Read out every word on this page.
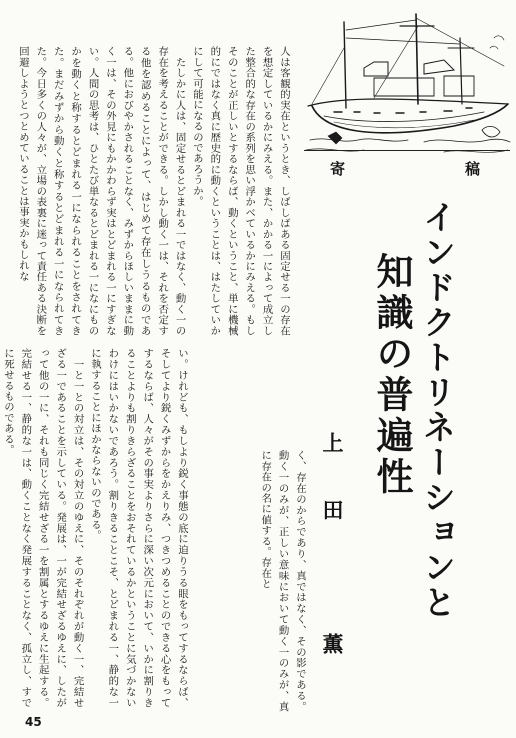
寄	稿
インドクトリネーションと
知識の普遍性
上田　薫
人は客観的実在というとき、しばしばある固定せる一の存在を想定しているかにみえる。また、かかる一によって成立した整合的な存在の系列を思い浮かべているかにみえる。もしそのことが正しいとするならば、動くということ、単に機械的にではなく真に歴史的に動くということは、はたしていかにして可能になるのであろうか。
　たしかに人は、固定せるとどまれる一ではなく、動く一の存在を考えることができる。しかし動く一は、それを否定する他を認めることによって、はじめて存在しうるものである。他におびやかされることなく、みずからほしいままに動く一は、その外見にもかかわらず実はとどまれる一にすぎない。人間の思考は、ひとたび単なるとどまれる一になにものかを動くと称するとどまれる一になられることをされてきた。まだみずから動くと称するとどまれる一になられてきた。今日多くの人々が、立場の表裏に迷って責任ある決断を回避しようとつとめていることは事実かもしれな
く、存在のからであり、真ではなく、その影である。動く一のみが、正しい意味において動く一のみが、真に存在の名に値する。存在と
い。けれども、もしより鋭く事態の底に迫りうる眼をもってするならば、そしてより鋭くみずからをかえりみ、つきつめることのできる心をもってするならば、人々がその事実よりさらに深い次元において、いかに割りきることよりも割りきらざることをおそれているかということに気づかないわけにはいかないであろう。割りきることこそ、とどまれる一、静的な一に執することにほかならないのである。
　一と一との対立は、その対立のゆえに、そのそれぞれが動く一、完結せざる一であることを示している。発展は、一が完結せざるゆえに、したがって他の一に、それも同じく完結せざる一を割属とするゆえに生起する。完結せる一、静的な一は、動くことなく発展することなく、孤立し、すでに死せるものである。
45
